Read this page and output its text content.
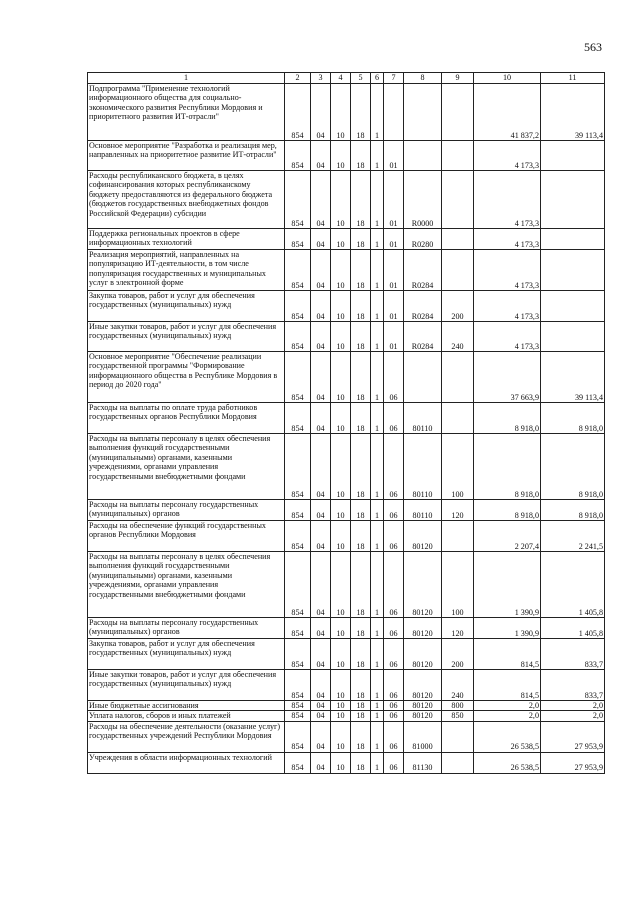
563
1	2	3	4	5	6	7	8	9	10	11
Подпрограмма "Применение технологий информационного общества для социально-экономического развития Республики Мордовия и приоритетного развития ИТ-отрасли"	854	04	10	18	1				41 837,2	39 113,4
Основное мероприятие "Разработка и реализация мер, направленных на приоритетное развитие ИТ-отрасли"	854	04	10	18	1	01			4 173,3	
Расходы республиканского бюджета, в целях софинансирования которых республиканскому бюджету предоставляются из федерального бюджета (бюджетов государственных внебюджетных фондов Российской Федерации) субсидии	854	04	10	18	1	01	R0000		4 173,3	
Поддержка региональных проектов в сфере информационных технологий	854	04	10	18	1	01	R0280		4 173,3	
Реализация мероприятий, направленных на популяризацию ИТ-деятельности, в том числе популяризация государственных и муниципальных услуг в электронной форме	854	04	10	18	1	01	R0284		4 173,3	
Закупка товаров, работ и услуг для обеспечения государственных (муниципальных) нужд	854	04	10	18	1	01	R0284	200	4 173,3	
Иные закупки товаров, работ и услуг для обеспечения государственных (муниципальных) нужд	854	04	10	18	1	01	R0284	240	4 173,3	
Основное мероприятие "Обеспечение реализации государственной программы "Формирование информационного общества в Республике Мордовия в период до 2020 года"	854	04	10	18	1	06			37 663,9	39 113,4
Расходы на выплаты по оплате труда работников государственных органов Республики Мордовия	854	04	10	18	1	06	80110		8 918,0	8 918,0
Расходы на выплаты персоналу в целях обеспечения выполнения функций государственными (муниципальными) органами, казенными учреждениями, органами управления государственными внебюджетными фондами	854	04	10	18	1	06	80110	100	8 918,0	8 918,0
Расходы на выплаты персоналу государственных (муниципальных) органов	854	04	10	18	1	06	80110	120	8 918,0	8 918,0
Расходы на обеспечение функций государственных органов Республики Мордовия	854	04	10	18	1	06	80120		2 207,4	2 241,5
Расходы на выплаты персоналу в целях обеспечения выполнения функций государственными (муниципальными) органами, казенными учреждениями, органами управления государственными внебюджетными фондами	854	04	10	18	1	06	80120	100	1 390,9	1 405,8
Расходы на выплаты персоналу государственных (муниципальных) органов	854	04	10	18	1	06	80120	120	1 390,9	1 405,8
Закупка товаров, работ и услуг для обеспечения государственных (муниципальных) нужд	854	04	10	18	1	06	80120	200	814,5	833,7
Иные закупки товаров, работ и услуг для обеспечения государственных (муниципальных) нужд	854	04	10	18	1	06	80120	240	814,5	833,7
Иные бюджетные ассигнования	854	04	10	18	1	06	80120	800	2,0	2,0
Уплата налогов, сборов и иных платежей	854	04	10	18	1	06	80120	850	2,0	2,0
Расходы на обеспечение деятельности (оказание услуг) государственных учреждений Республики Мордовия	854	04	10	18	1	06	81000		26 538,5	27 953,9
Учреждения в области информационных технологий	854	04	10	18	1	06	81130		26 538,5	27 953,9
